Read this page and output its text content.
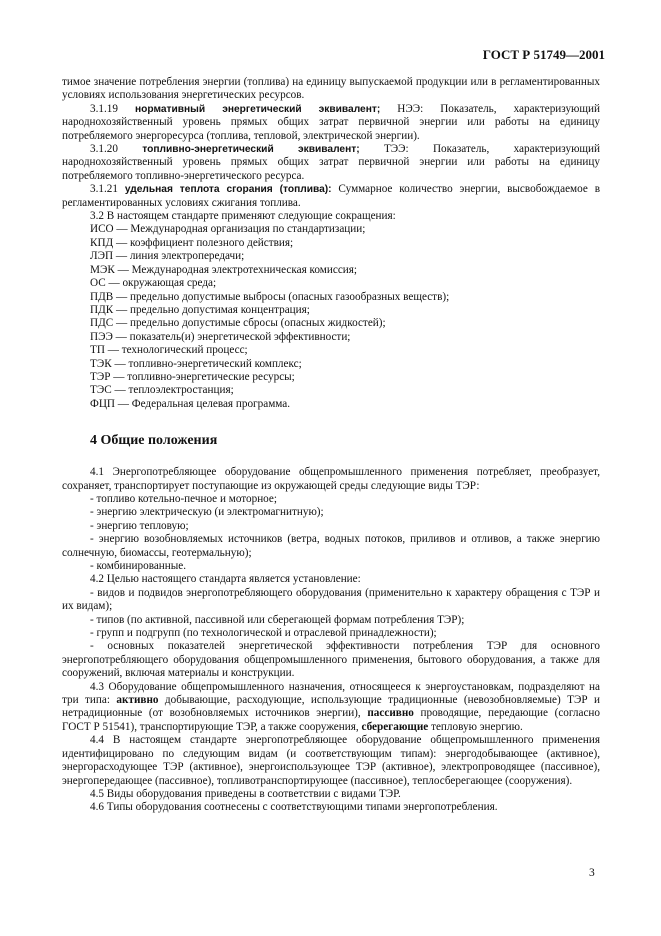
ГОСТ Р 51749—2001

тимое значение потребления энергии (топлива) на единицу выпускаемой продукции или в регламентированных условиях использования энергетических ресурсов.

3.1.19 нормативный энергетический эквивалент; НЭЭ: Показатель, характеризующий народнохозяйственный уровень прямых общих затрат первичной энергии или работы на единицу потребляемого энергоресурса (топлива, тепловой, электрической энергии).

3.1.20 топливно-энергетический эквивалент; ТЭЭ: Показатель, характеризующий народнохозяйственный уровень прямых общих затрат первичной энергии или работы на единицу потребляемого топливно-энергетического ресурса.

3.1.21 удельная теплота сгорания (топлива): Суммарное количество энергии, высвобождаемое в регламентированных условиях сжигания топлива.

3.2 В настоящем стандарте применяют следующие сокращения:

ИСО — Международная организация по стандартизации;

КПД — коэффициент полезного действия;

ЛЭП — линия электропередачи;

МЭК — Международная электротехническая комиссия;

ОС — окружающая среда;

ПДВ — предельно допустимые выбросы (опасных газообразных веществ);

ПДК — предельно допустимая концентрация;

ПДС — предельно допустимые сбросы (опасных жидкостей);

ПЭЭ — показатель(и) энергетической эффективности;

ТП — технологический процесс;

ТЭК — топливно-энергетический комплекс;

ТЭР — топливно-энергетические ресурсы;

ТЭС — теплоэлектростанция;

ФЦП — Федеральная целевая программа.

4 Общие положения

4.1 Энергопотребляющее оборудование общепромышленного применения потребляет, преобразует, сохраняет, транспортирует поступающие из окружающей среды следующие виды ТЭР:

- топливо котельно-печное и моторное;

- энергию электрическую (и электромагнитную);

- энергию тепловую;

- энергию возобновляемых источников (ветра, водных потоков, приливов и отливов, а также энергию солнечную, биомассы, геотермальную);

- комбинированные.

4.2 Целью настоящего стандарта является установление:

- видов и подвидов энергопотребляющего оборудования (применительно к характеру обращения с ТЭР и их видам);

- типов (по активной, пассивной или сберегающей формам потребления ТЭР);

- групп и подгрупп (по технологической и отраслевой принадлежности);

- основных показателей энергетической эффективности потребления ТЭР для основного энергопотребляющего оборудования общепромышленного применения, бытового оборудования, а также для сооружений, включая материалы и конструкции.

4.3 Оборудование общепромышленного назначения, относящееся к энергоустановкам, подразделяют на три типа: активно добывающие, расходующие, использующие традиционные (невозобновляемые) ТЭР и нетрадиционные (от возобновляемых источников энергии), пассивно проводящие, передающие (согласно ГОСТ Р 51541), транспортирующие ТЭР, а также сооружения, сберегающие тепловую энергию.

4.4 В настоящем стандарте энергопотребляющее оборудование общепромышленного применения идентифицировано по следующим видам (и соответствующим типам): энергодобывающее (активное), энергорасходующее ТЭР (активное), энергоиспользующее ТЭР (активное), электропроводящее (пассивное), энергопередающее (пассивное), топливотранспортирующее (пассивное), теплосберегающее (сооружения).

4.5 Виды оборудования приведены в соответствии с видами ТЭР.

4.6 Типы оборудования соотнесены с соответствующими типами энергопотребления.

3
